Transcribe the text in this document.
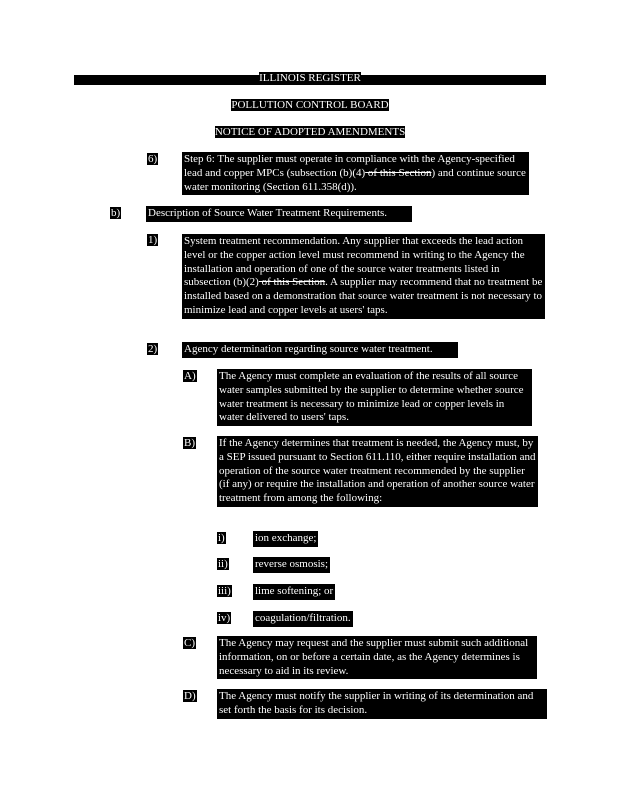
ILLINOIS REGISTER
POLLUTION CONTROL BOARD
NOTICE OF ADOPTED AMENDMENTS
6) Step 6: The supplier must operate in compliance with the Agency-specified lead and copper MPCs (subsection (b)(4) of this Section) and continue source water monitoring (Section 611.358(d)).
b)	Description of Source Water Treatment Requirements.
1) System treatment recommendation. Any supplier that exceeds the lead action level or the copper action level must recommend in writing to the Agency the installation and operation of one of the source water treatments listed in subsection (b)(2) of this Section. A supplier may recommend that no treatment be installed based on a demonstration that source water treatment is not necessary to minimize lead and copper levels at users' taps.
2) Agency determination regarding source water treatment.
A) The Agency must complete an evaluation of the results of all source water samples submitted by the supplier to determine whether source water treatment is necessary to minimize lead or copper levels in water delivered to users' taps.
B) If the Agency determines that treatment is needed, the Agency must, by a SEP issued pursuant to Section 611.110, either require installation and operation of the source water treatment recommended by the supplier (if any) or require the installation and operation of another source water treatment from among the following:
i)	ion exchange;
ii) reverse osmosis;
iii) lime softening; or
iv) coagulation/filtration.
C) The Agency may request and the supplier must submit such additional information, on or before a certain date, as the Agency determines is necessary to aid in its review.
D) The Agency must notify the supplier in writing of its determination and set forth the basis for its decision.
